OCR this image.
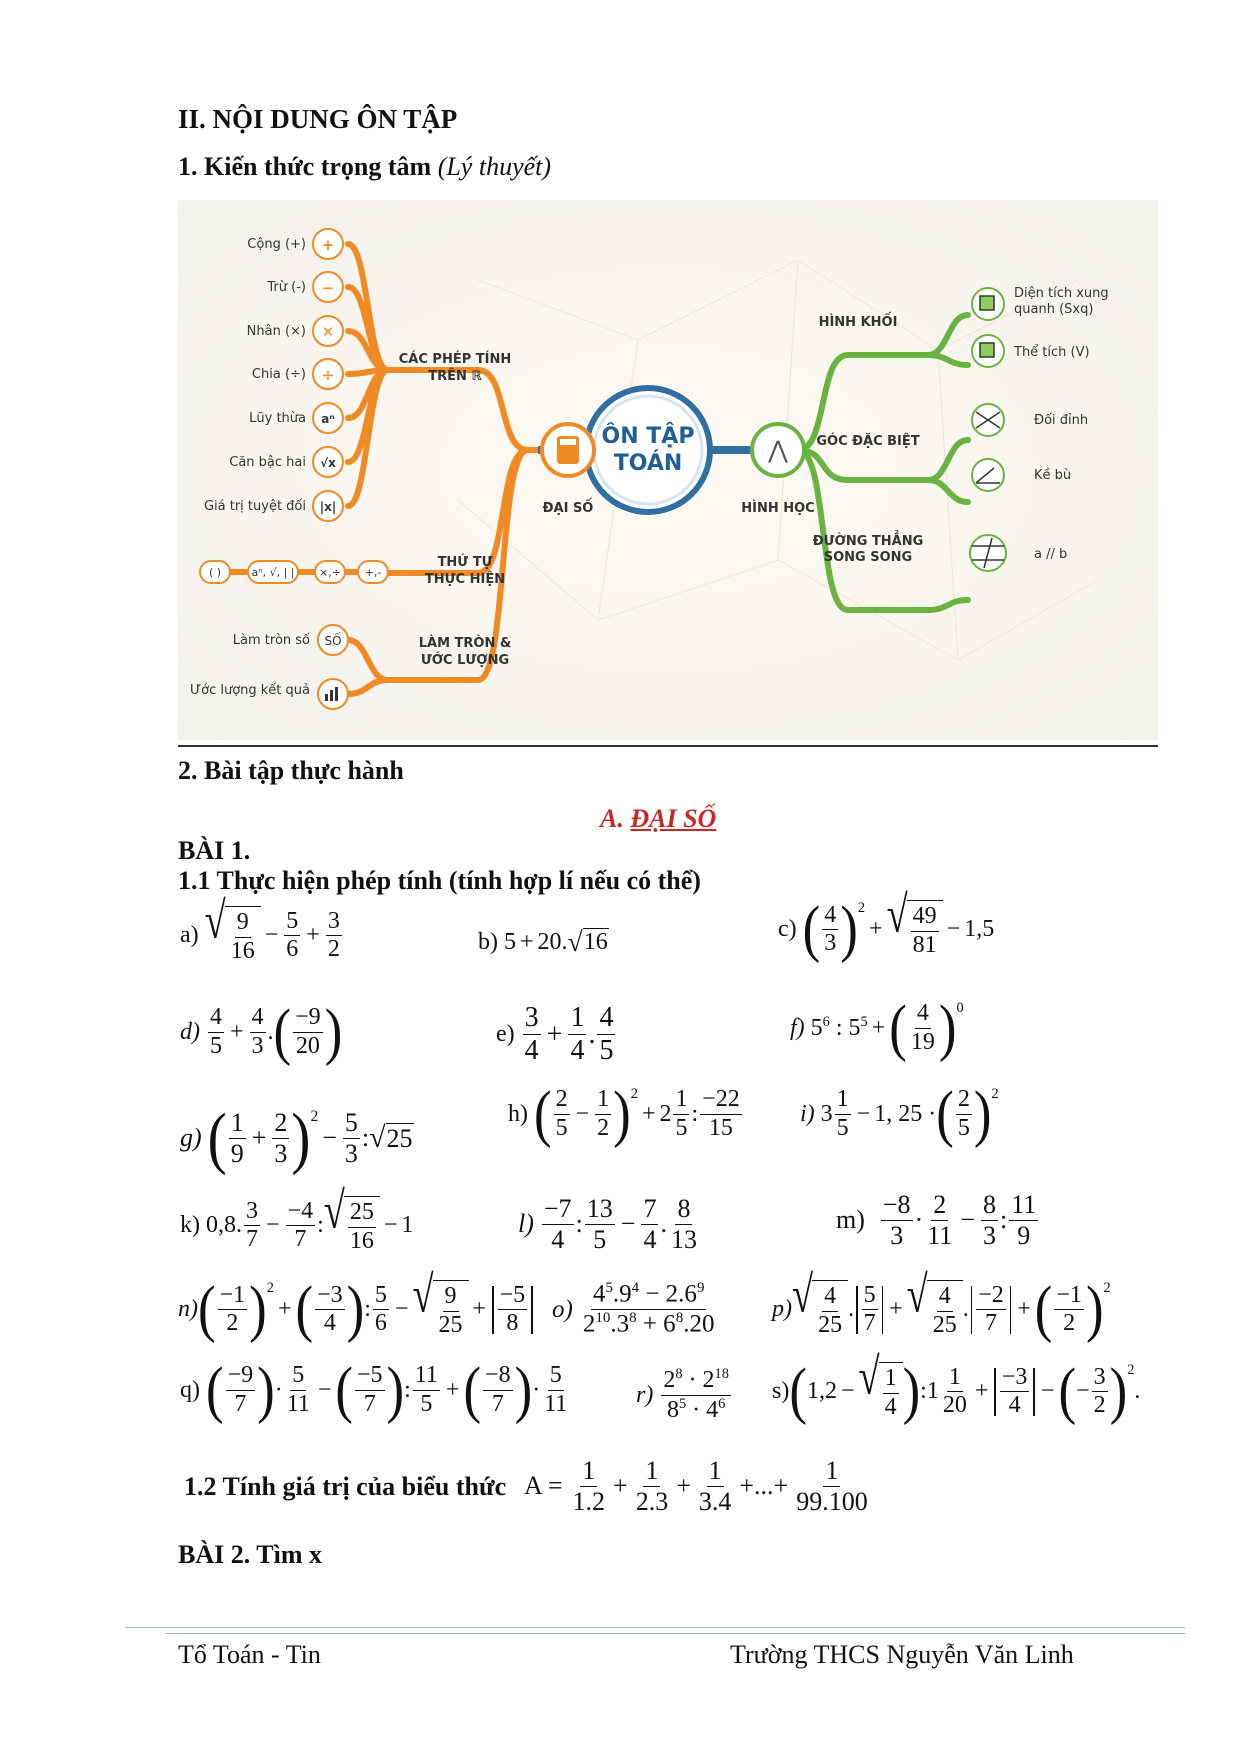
II. NỘI DUNG ÔN TẬP
1. Kiến thức trọng tâm (Lý thuyết)
ÔN TẬP
TOÁN
ĐẠI SỐ
⋀
HÌNH HỌC
Cộng (+)
Trừ (-)
Nhân (×)
Chia (÷)
Lũy thừa
Căn bậc hai
Giá trị tuyệt đối
+
−
✕
÷
aⁿ
√x
|x|
CÁC PHÉP TÍNH
TRÊN ℝ
THỨ TỰ
THỰC HIỆN
LÀM TRÒN &
ƯỚC LƯỢNG
( )	aⁿ, √, | | ×,÷ +,-
Làm tròn số
Ước lượng kết quả
SỐ
HÌNH KHỐI
GÓC ĐẶC BIỆT
ĐƯỜNG THẲNG
SONG SONG
Diện tích xung
quanh (Sxq)
Thể tích (V)
Đối đỉnh
Kề bù
a // b
2. Bài tập thực hành
A. ĐẠI SỐ
BÀI 1.
1.1 Thực hiện phép tính (tính hợp lí nếu có thể)
a) √ 9
16
− $\frac{5}{6} + \frac{3}{2}$	b) 5 + 20. √ 16	c) ( 4
3 )$^2$
+ √ 49
81
− 1,5
d)
4
5
+ $\frac{4}{3}$ . ( −9
20 )	e)
3
4
+ $\frac{1}{4}$ .
4
5
f) $5^6$ : $5^5$ + ( 4
19 )$^0$
g) ( 1
9
+ $\frac{2}{3} )^2$
− $\frac{5}{3}$ : √ 25
h) ( 2
5
− $\frac{1}{2} )^2$
+ 2
1
5
:
−22
15
i) 3
1
5
− 1, 25 · ( 2
5 )$^2$
k) 0,8.
3
7
− $\frac{-4}{7}$ : √ 25
16
− 1	l)
−7
4
:
13
5
− $\frac{7}{4}$ .
8
13
m)
−8
3
·
2
11
− $\frac{8}{3}$ :
11
9
n) ( −1
2 )$^2$
+ ( −3
4 ) :
5
6
− √ 9
25
+
−5
8
o)
$4^5.9^4 - 2.6^9$
$2^{10}.3^8 + 6^8.20$
p) √ 4
25
.
5
7
+ √ 4
25
.
−2
7
+ ( −1
2 )$^2$
q) ( −9
7 ) ·
5
11
− ( −5
7 ) :
11
5
+ ( −8
7 ) ·
5
11	r)
$2^8 \cdot 2^{18}$
$8^5 \cdot 4^6$ s) ( 1,2 − √ 1
4 ) :1
1
20
+
−3
4
− ( − $\frac{3}{2} )^2$
.
1.2 Tính giá trị của biểu thức $A = \frac{1}{1.2} + \frac{1}{2.3} + \frac{1}{3.4}$ +...+ $\frac{1}{99.100}$
BÀI 2. Tìm x
Tổ Toán - Tin	Trường THCS Nguyễn Văn Linh
